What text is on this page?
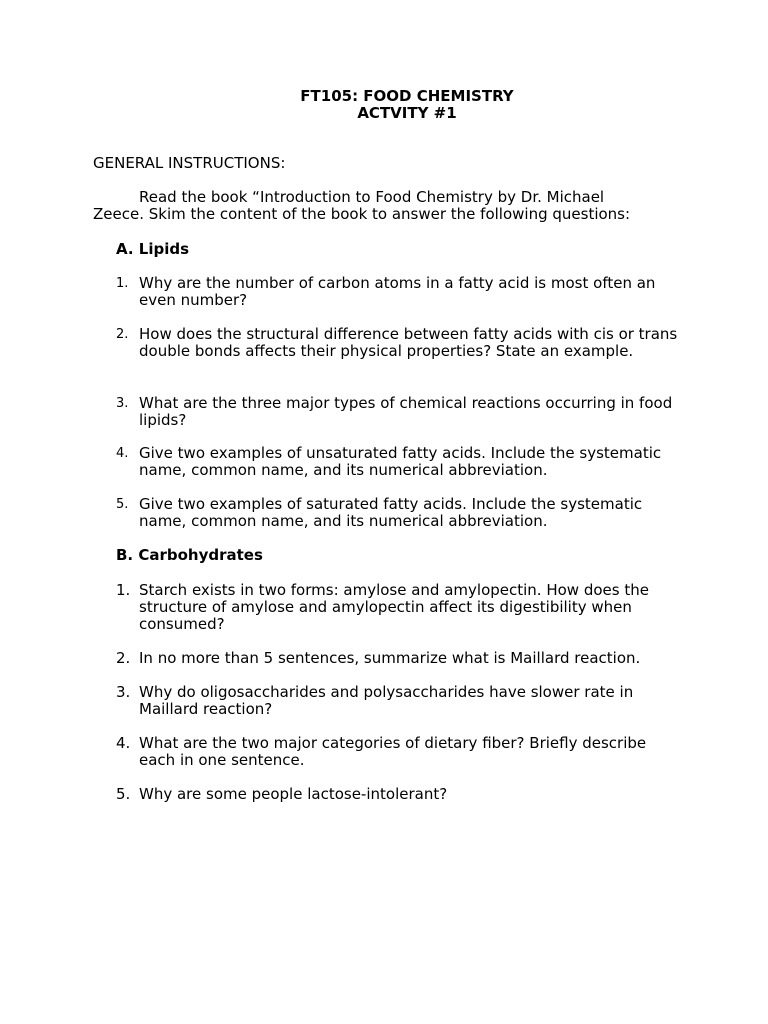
FT105: FOOD CHEMISTRY
ACTVITY #1
GENERAL INSTRUCTIONS:
Read the book “Introduction to Food Chemistry by Dr. Michael
Zeece. Skim the content of the book to answer the following questions:
A. Lipids
1. Why are the number of carbon atoms in a fatty acid is most often an even number?
2. How does the structural difference between fatty acids with cis or trans double bonds affects their physical properties? State an example.
3. What are the three major types of chemical reactions occurring in food lipids?
4. Give two examples of unsaturated fatty acids. Include the systematic name, common name, and its numerical abbreviation.
5. Give two examples of saturated fatty acids. Include the systematic name, common name, and its numerical abbreviation.
B. Carbohydrates
1. Starch exists in two forms: amylose and amylopectin. How does the structure of amylose and amylopectin affect its digestibility when consumed?
2. In no more than 5 sentences, summarize what is Maillard reaction.
3. Why do oligosaccharides and polysaccharides have slower rate in Maillard reaction?
4. What are the two major categories of dietary fiber? Briefly describe each in one sentence.
5. Why are some people lactose-intolerant?
